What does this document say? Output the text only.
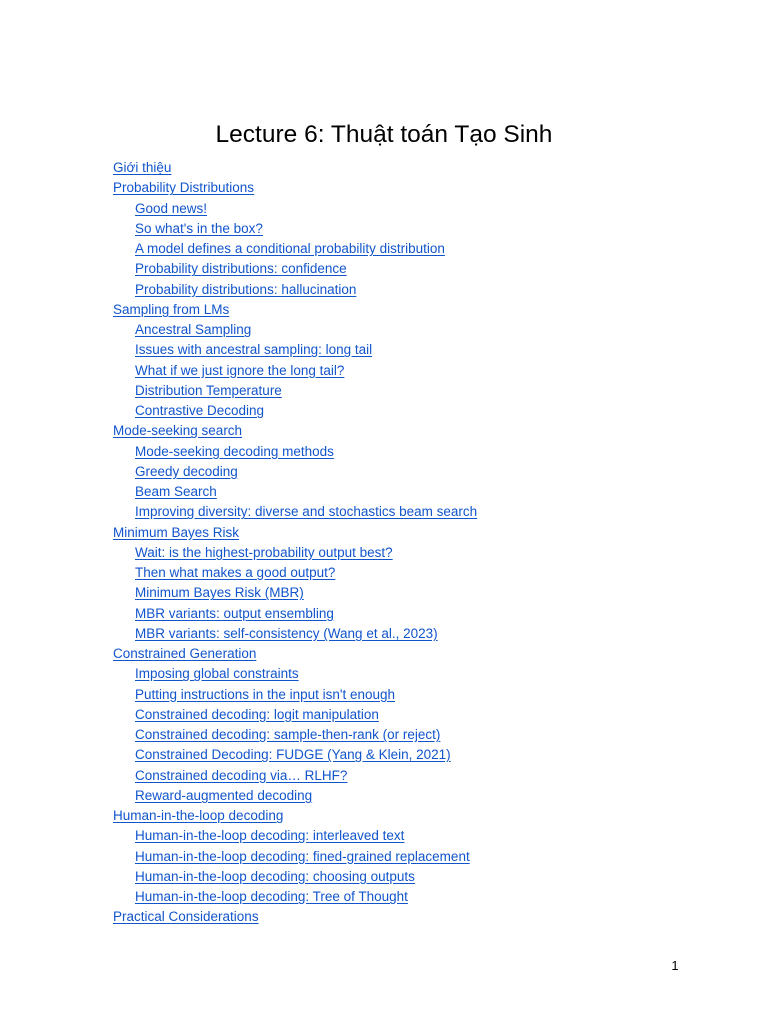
Lecture 6: Thuật toán Tạo Sinh
Giới thiệu
Probability Distributions
Good news!
So what's in the box?
A model defines a conditional probability distribution
Probability distributions: confidence
Probability distributions: hallucination
Sampling from LMs
Ancestral Sampling
Issues with ancestral sampling: long tail
What if we just ignore the long tail?
Distribution Temperature
Contrastive Decoding
Mode-seeking search
Mode-seeking decoding methods
Greedy decoding
Beam Search
Improving diversity: diverse and stochastics beam search
Minimum Bayes Risk
Wait: is the highest-probability output best?
Then what makes a good output?
Minimum Bayes Risk (MBR)
MBR variants: output ensembling
MBR variants: self-consistency (Wang et al., 2023)
Constrained Generation
Imposing global constraints
Putting instructions in the input isn't enough
Constrained decoding: logit manipulation
Constrained decoding: sample-then-rank (or reject)
Constrained Decoding: FUDGE (Yang & Klein, 2021)
Constrained decoding via… RLHF?
Reward-augmented decoding
Human-in-the-loop decoding
Human-in-the-loop decoding: interleaved text
Human-in-the-loop decoding: fined-grained replacement
Human-in-the-loop decoding: choosing outputs
Human-in-the-loop decoding: Tree of Thought
Practical Considerations
1
